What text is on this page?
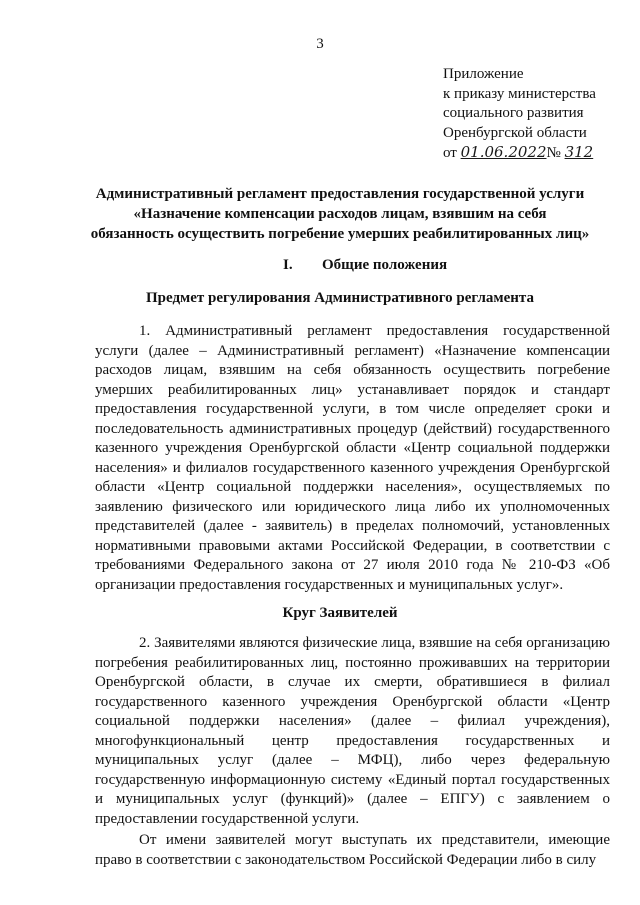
3
Приложение
к приказу министерства
социального развития
Оренбургской области
от 01.06.2022№ 312
Административный регламент предоставления государственной услуги
«Назначение компенсации расходов лицам, взявшим на себя
обязанность осуществить погребение умерших реабилитированных лиц»
I. Общие положения
Предмет регулирования Административного регламента

1. Административный регламент предоставления государственной услуги (далее – Административный регламент) «Назначение компенсации расходов лицам, взявшим на себя обязанность осуществить погребение умерших реабилитированных лиц» устанавливает порядок и стандарт предоставления государственной услуги, в том числе определяет сроки и последовательность административных процедур (действий) государственного казенного учреждения Оренбургской области «Центр социальной поддержки населения» и филиалов государственного казенного учреждения Оренбургской области «Центр социальной поддержки населения», осуществляемых по заявлению физического или юридического лица либо их уполномоченных представителей (далее - заявитель) в пределах полномочий, установленных нормативными правовыми актами Российской Федерации, в соответствии с требованиями Федерального закона от 27 июля 2010 года № 210-ФЗ «Об организации предоставления государственных и муниципальных услуг».

Круг Заявителей

2. Заявителями являются физические лица, взявшие на себя организацию погребения реабилитированных лиц, постоянно проживавших на территории Оренбургской области, в случае их смерти, обратившиеся в филиал государственного казенного учреждения Оренбургской области «Центр социальной поддержки населения» (далее – филиал учреждения), многофункциональный центр предоставления государственных и муниципальных услуг (далее – МФЦ), либо через федеральную государственную информационную систему «Единый портал государственных и муниципальных услуг (функций)» (далее – ЕПГУ) с заявлением о предоставлении государственной услуги.

От имени заявителей могут выступать их представители, имеющие право в соответствии с законодательством Российской Федерации либо в силу
